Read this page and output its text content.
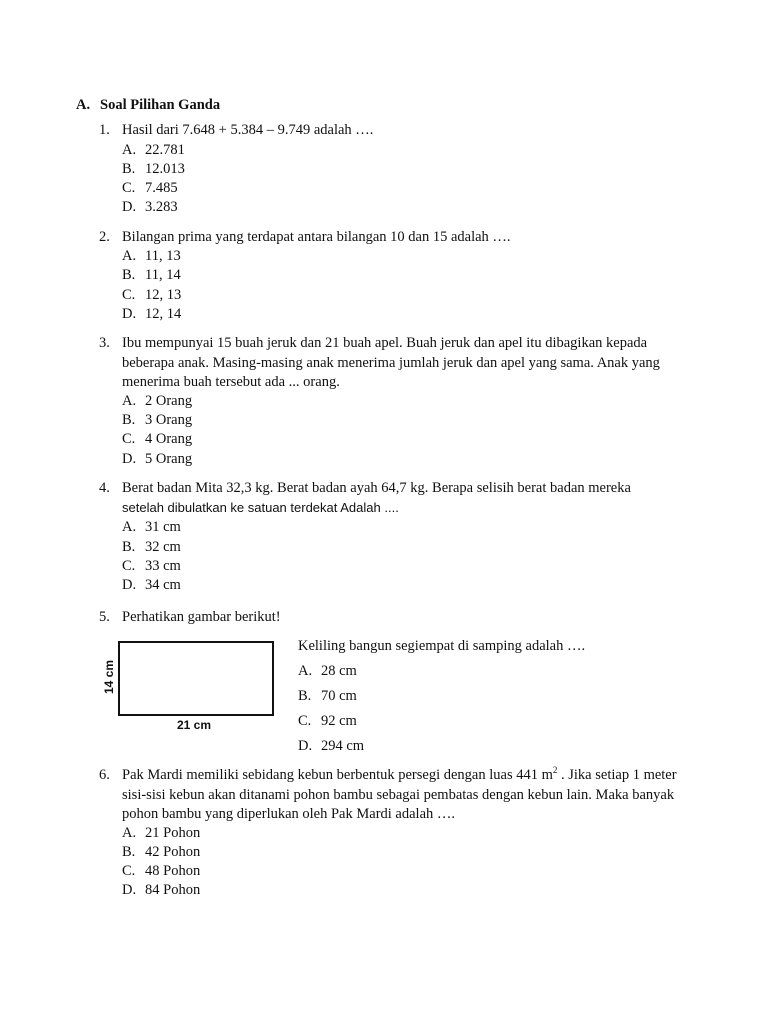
A. Soal Pilihan Ganda
1. Hasil dari 7.648 + 5.384 – 9.749 adalah ….
A. 22.781
B. 12.013
C. 7.485
D. 3.283
2. Bilangan prima yang terdapat antara bilangan 10 dan 15 adalah ….
A. 11, 13
B. 11, 14
C. 12, 13
D. 12, 14
3. Ibu mempunyai 15 buah jeruk dan 21 buah apel. Buah jeruk dan apel itu dibagikan kepada beberapa anak. Masing-masing anak menerima jumlah jeruk dan apel yang sama. Anak yang menerima buah tersebut ada ... orang.
A. 2 Orang
B. 3 Orang
C. 4 Orang
D. 5 Orang
4. Berat badan Mita 32,3 kg. Berat badan ayah 64,7 kg. Berapa selisih berat badan mereka
setelah dibulatkan ke satuan terdekat Adalah ....
A. 31 cm
B. 32 cm
C. 33 cm
D. 34 cm
5. Perhatikan gambar berikut!
14 cm
21 cm
Keliling bangun segiempat di samping adalah ….
A. 28 cm
B. 70 cm
C. 92 cm
D. 294 cm
6. Pak Mardi memiliki sebidang kebun berbentuk persegi dengan luas 441 $m^2$ . Jika setiap 1 meter sisi-sisi kebun akan ditanami pohon bambu sebagai pembatas dengan kebun lain. Maka banyak pohon bambu yang diperlukan oleh Pak Mardi adalah ….
A. 21 Pohon
B. 42 Pohon
C. 48 Pohon
D. 84 Pohon
